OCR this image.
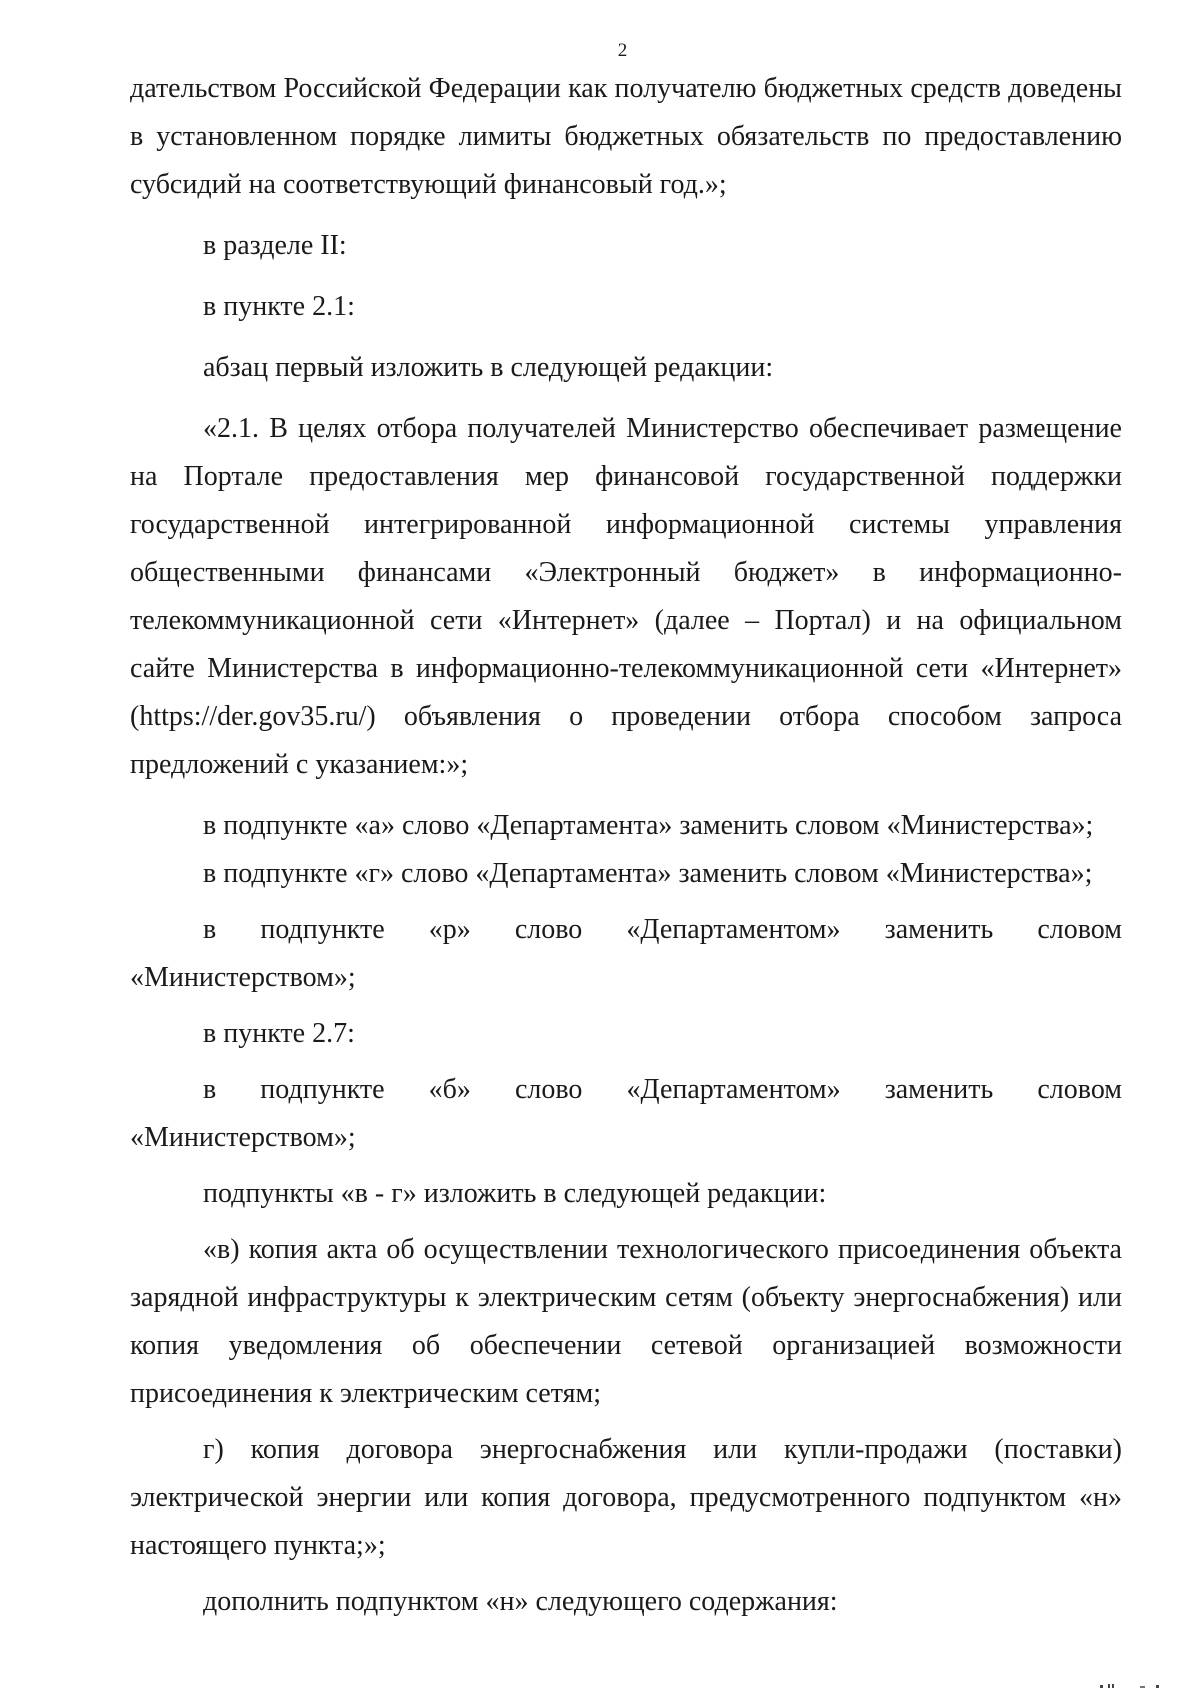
2

дательством Российской Федерации как получателю бюджетных средств доведены в установленном порядке лимиты бюджетных обязательств по предоставлению субсидий на соответствующий финансовый год.»;

в разделе II:

в пункте 2.1:

абзац первый изложить в следующей редакции:

«2.1. В целях отбора получателей Министерство обеспечивает размещение на Портале предоставления мер финансовой государственной поддержки государственной интегрированной информационной системы управления общественными финансами «Электронный бюджет» в информационно-телекоммуникационной сети «Интернет» (далее – Портал) и на официальном сайте Министерства в информационно-телекоммуникационной сети «Интернет» (https://der.gov35.ru/) объявления о проведении отбора способом запроса предложений с указанием:»;

в подпункте «а» слово «Департамента» заменить словом «Министерства»;

в подпункте «г» слово «Департамента» заменить словом «Министерства»;

в подпункте «р» слово «Департаментом» заменить словом «Министерством»;

в пункте 2.7:

в подпункте «б» слово «Департаментом» заменить словом «Министерством»;

подпункты «в - г» изложить в следующей редакции:

«в) копия акта об осуществлении технологического присоединения объекта зарядной инфраструктуры к электрическим сетям (объекту энергоснабжения) или копия уведомления об обеспечении сетевой организацией возможности присоединения к электрическим сетям;

г) копия договора энергоснабжения или купли-продажи (поставки) электрической энергии или копия договора, предусмотренного подпунктом «н» настоящего пункта;»;

дополнить подпунктом «н» следующего содержания:
